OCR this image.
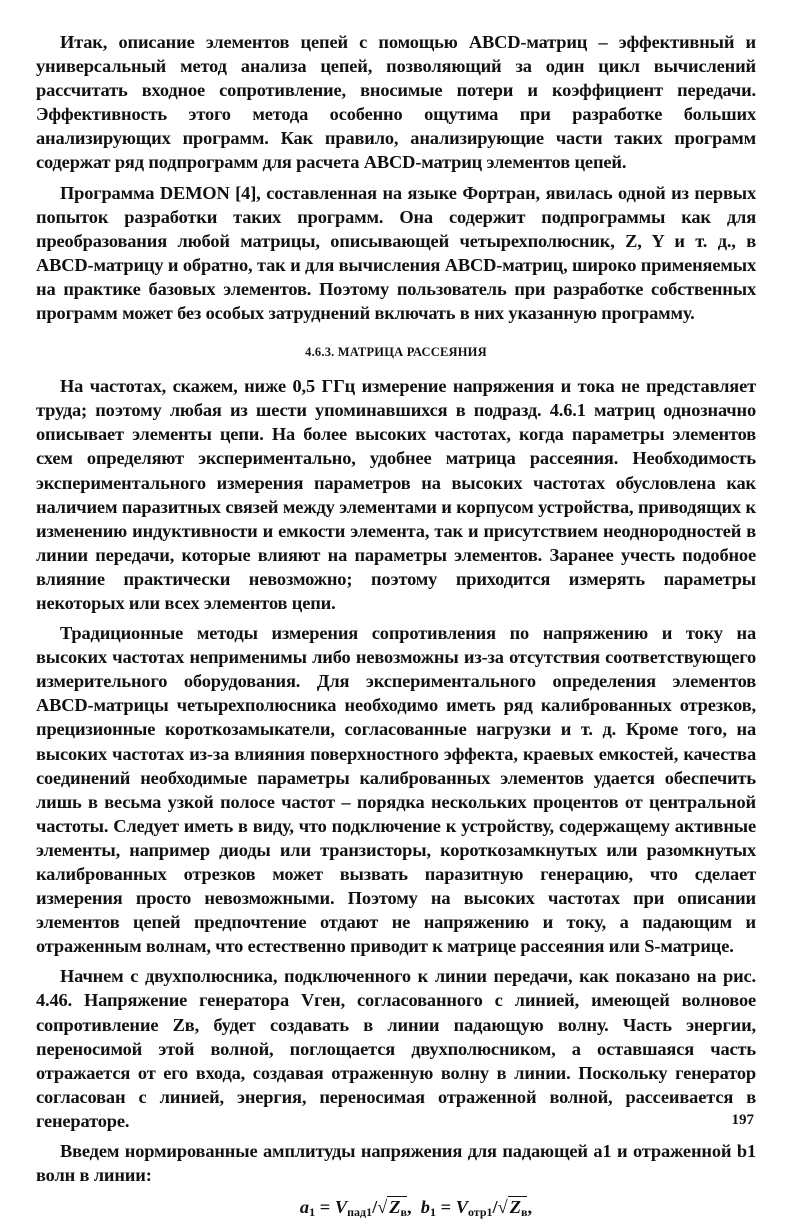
Итак, описание элементов цепей с помощью ABCD-матриц – эффективный и универсальный метод анализа цепей, позволяющий за один цикл вычислений рассчитать входное сопротивление, вносимые потери и коэффициент передачи. Эффективность этого метода особенно ощутима при разработке больших анализирующих программ. Как правило, анализирующие части таких программ содержат ряд подпрограмм для расчета ABCD-матриц элементов цепей.

Программа DEMON [4], составленная на языке Фортран, явилась одной из первых попыток разработки таких программ. Она содержит подпрограммы как для преобразования любой матрицы, описывающей четырехполюсник, Z, Y и т. д., в ABCD-матрицу и обратно, так и для вычисления ABCD-матриц, широко применяемых на практике базовых элементов. Поэтому пользователь при разработке собственных программ может без особых затруднений включать в них указанную программу.

4.6.3. МАТРИЦА РАССЕЯНИЯ

На частотах, скажем, ниже 0,5 ГГц измерение напряжения и тока не представляет труда; поэтому любая из шести упоминавшихся в подразд. 4.6.1 матриц однозначно описывает элементы цепи. На более высоких частотах, когда параметры элементов схем определяют экспериментально, удобнее матрица рассеяния. Необходимость экспериментального измерения параметров на высоких частотах обусловлена как наличием паразитных связей между элементами и корпусом устройства, приводящих к изменению индуктивности и емкости элемента, так и присутствием неоднородностей в линии передачи, которые влияют на параметры элементов. Заранее учесть подобное влияние практически невозможно; поэтому приходится измерять параметры некоторых или всех элементов цепи.

Традиционные методы измерения сопротивления по напряжению и току на высоких частотах неприменимы либо невозможны из-за отсутствия соответствующего измерительного оборудования. Для экспериментального определения элементов ABCD-матрицы четырехполюсника необходимо иметь ряд калиброванных отрезков, прецизионные короткозамыкатели, согласованные нагрузки и т. д. Кроме того, на высоких частотах из-за влияния поверхностного эффекта, краевых емкостей, качества соединений необходимые параметры калиброванных элементов удается обеспечить лишь в весьма узкой полосе частот – порядка нескольких процентов от центральной частоты. Следует иметь в виду, что подключение к устройству, содержащему активные элементы, например диоды или транзисторы, короткозамкнутых или разомкнутых калиброванных отрезков может вызвать паразитную генерацию, что сделает измерения просто невозможными. Поэтому на высоких частотах при описании элементов цепей предпочтение отдают не напряжению и току, а падающим и отраженным волнам, что естественно приводит к матрице рассеяния или S-матрице.

Начнем с двухполюсника, подключенного к линии передачи, как показано на рис. 4.46. Напряжение генератора Vген, согласованного с линией, имеющей волновое сопротивление Zв, будет создавать в линии падающую волну. Часть энергии, переносимой этой волной, поглощается двухполюсником, а оставшаяся часть отражается от его входа, создавая отраженную волну в линии. Поскольку генератор согласован с линией, энергия, переносимая отраженной волной, рассеивается в генераторе.

Введем нормированные амплитуды напряжения для падающей a1 и отраженной b1 волн в линии:

$a_1 = V_{пад1}/√$ $Z_в$,  $b_1 = V_{отр1}/√$ $Z_в$,
197
